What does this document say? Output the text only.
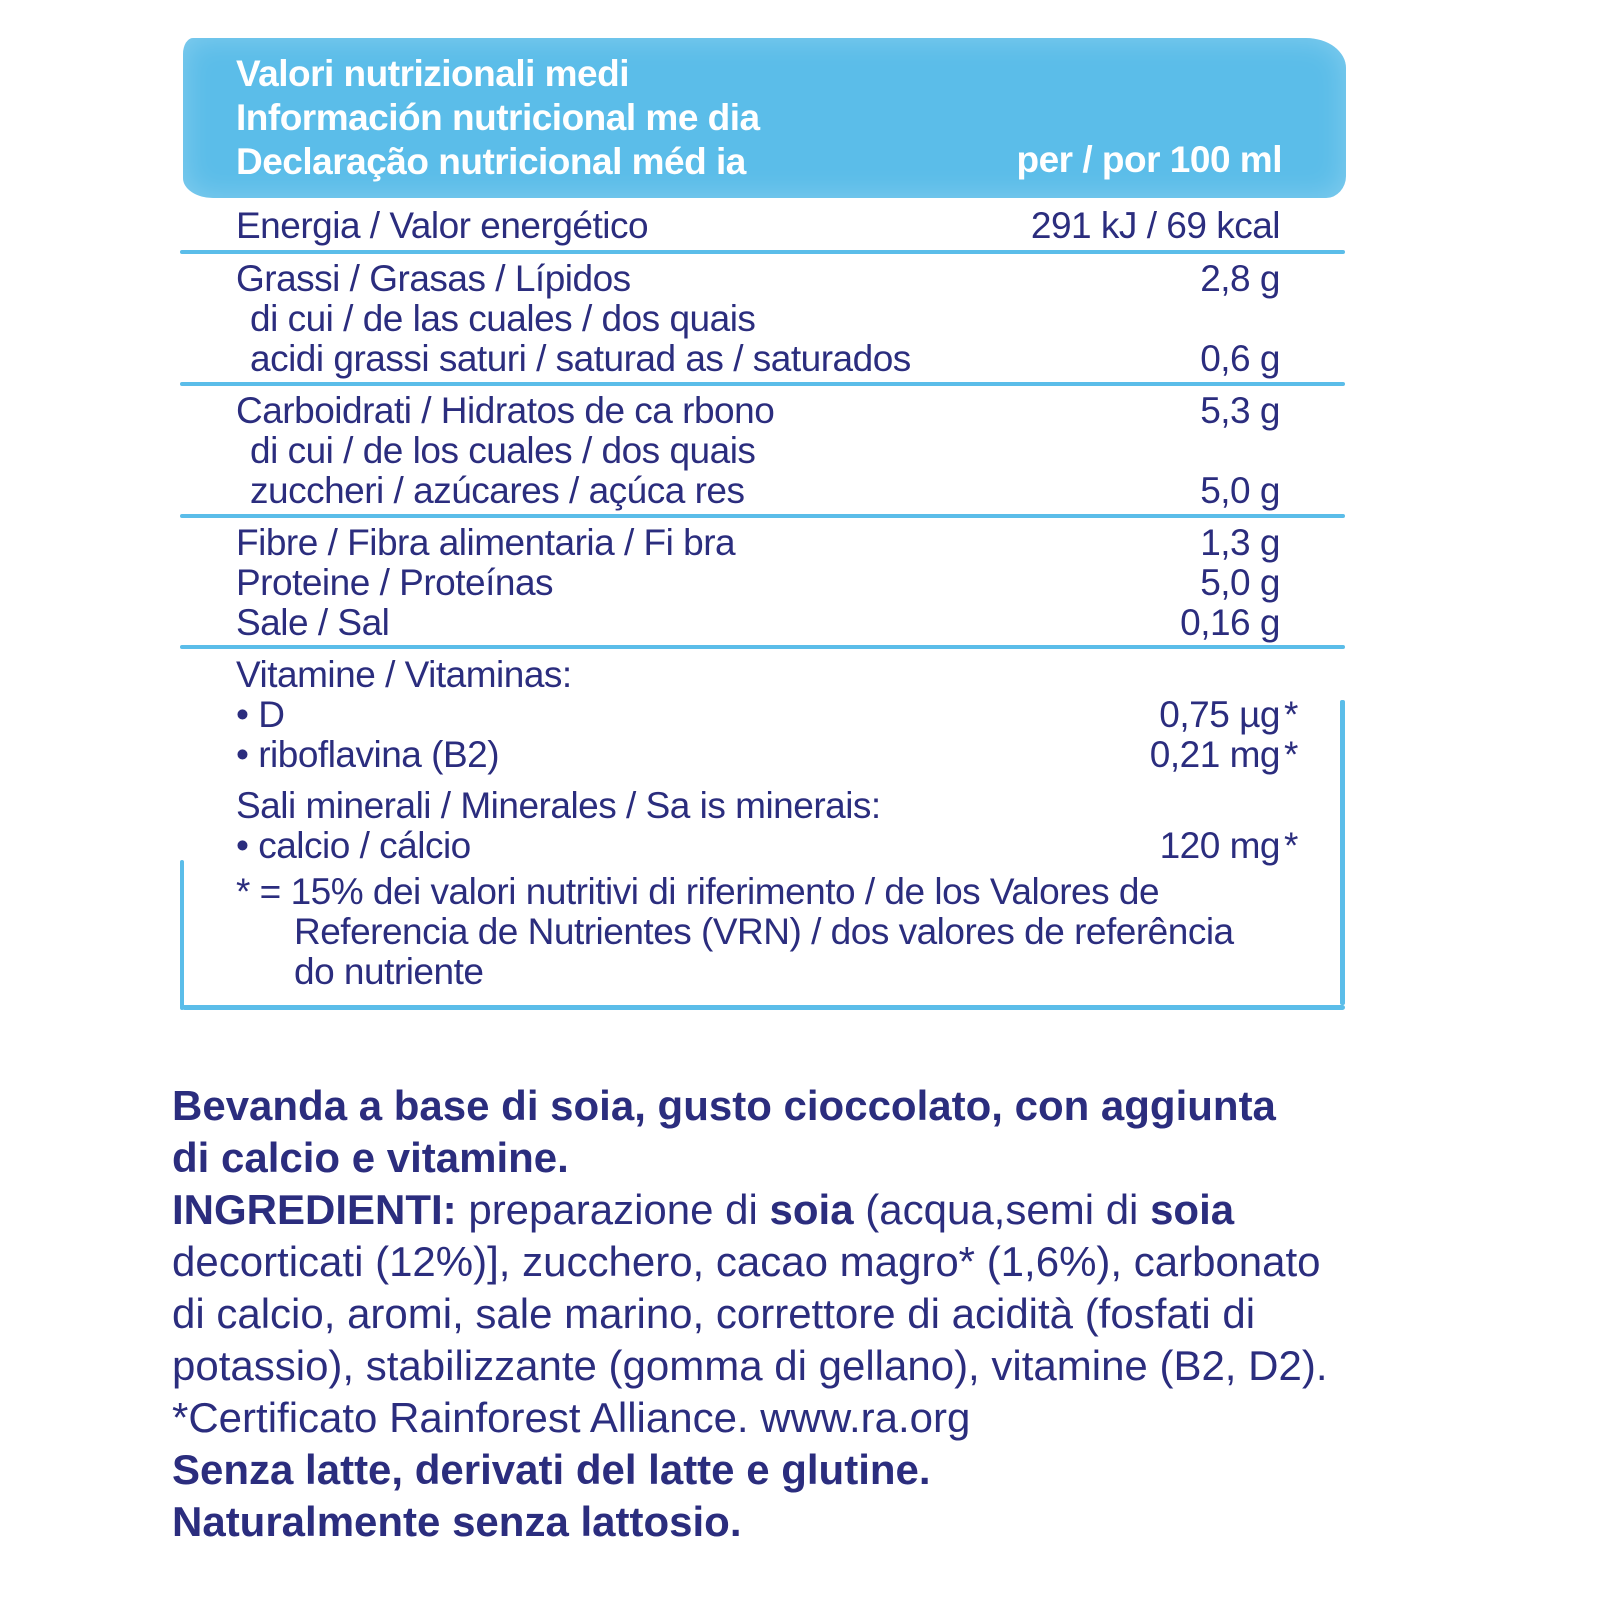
Valori nutrizionali medi
Información nutricional me dia
Declaração nutricional méd ia	per / por 100 ml
Energia / Valor energético	291 kJ / 69 kcal
Grassi / Grasas / Lípidos	2,8 g
di cui / de las cuales / dos quais
acidi grassi saturi / saturad as / saturados	0,6 g
Carboidrati / Hidratos de ca rbono	5,3 g
di cui / de los cuales / dos quais
zuccheri / azúcares / açúca res	5,0 g
Fibre / Fibra alimentaria / Fi bra	1,3 g
Proteine / Proteínas	5,0 g
Sale / Sal	0,16 g
Vitamine / Vitaminas:
• D	0,75 µg *
• riboflavina (B2)	0,21 mg *
Sali minerali / Minerales / Sa is minerais:
• calcio / cálcio	120 mg *
* = 15% dei valori nutritivi di riferimento / de los Valores de
Referencia de Nutrientes (VRN) / dos valores de referência
do nutriente
Bevanda a base di soia, gusto cioccolato, con aggiunta
di calcio e vitamine.
INGREDIENTI: preparazione di soia (acqua,semi di soia
decorticati (12%)], zucchero, cacao magro* (1,6%), carbonato
di calcio, aromi, sale marino, correttore di acidità (fosfati di
potassio), stabilizzante (gomma di gellano), vitamine (B2, D2).
*Certificato Rainforest Alliance. www.ra.org
Senza latte, derivati del latte e glutine.
Naturalmente senza lattosio.
